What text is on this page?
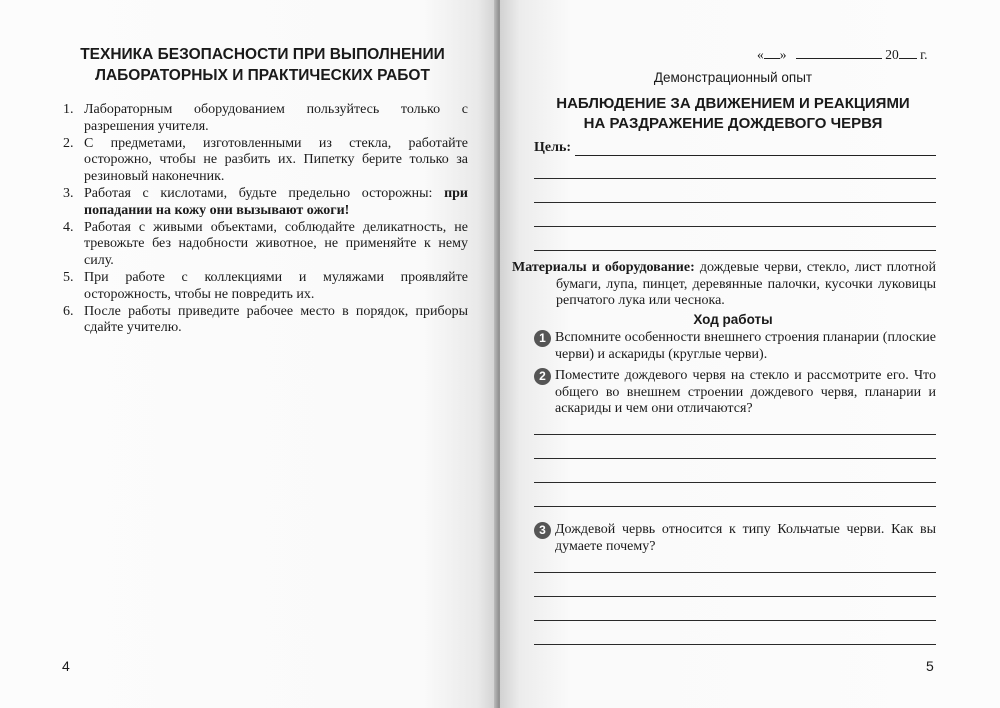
ТЕХНИКА БЕЗОПАСНОСТИ ПРИ ВЫПОЛНЕНИИ
ЛАБОРАТОРНЫХ И ПРАКТИЧЕСКИХ РАБОТ
1. Лабораторным оборудованием пользуйтесь только с разрешения учителя.
2. С предметами, изготовленными из стекла, работайте осторожно, чтобы не разбить их. Пипетку берите только за резиновый наконечник.
3. Работая с кислотами, будьте предельно осторожны: при попадании на кожу они вызывают ожоги!
4. Работая с живыми объектами, соблюдайте деликатность, не тревожьте без надобности животное, не применяйте к нему силу.
5. При работе с коллекциями и муляжами проявляйте осторожность, чтобы не повредить их.
6. После работы приведите рабочее место в порядок, приборы сдайте учителю.
4
« »	20 г.
Демонстрационный опыт
НАБЛЮДЕНИЕ ЗА ДВИЖЕНИЕМ И РЕАКЦИЯМИ
НА РАЗДРАЖЕНИЕ ДОЖДЕВОГО ЧЕРВЯ
Цель:
Материалы и оборудование: дождевые черви, стекло, лист плотной бумаги, лупа, пинцет, деревянные палочки, кусочки луковицы репчатого лука или чеснока.
Ход работы
1 Вспомните особенности внешнего строения планарии (плоские черви) и аскариды (круглые черви).
2 Поместите дождевого червя на стекло и рассмотрите его. Что общего во внешнем строении дождевого червя, планарии и аскариды и чем они отличаются?
3 Дождевой червь относится к типу Кольчатые черви. Как вы думаете почему?
5
